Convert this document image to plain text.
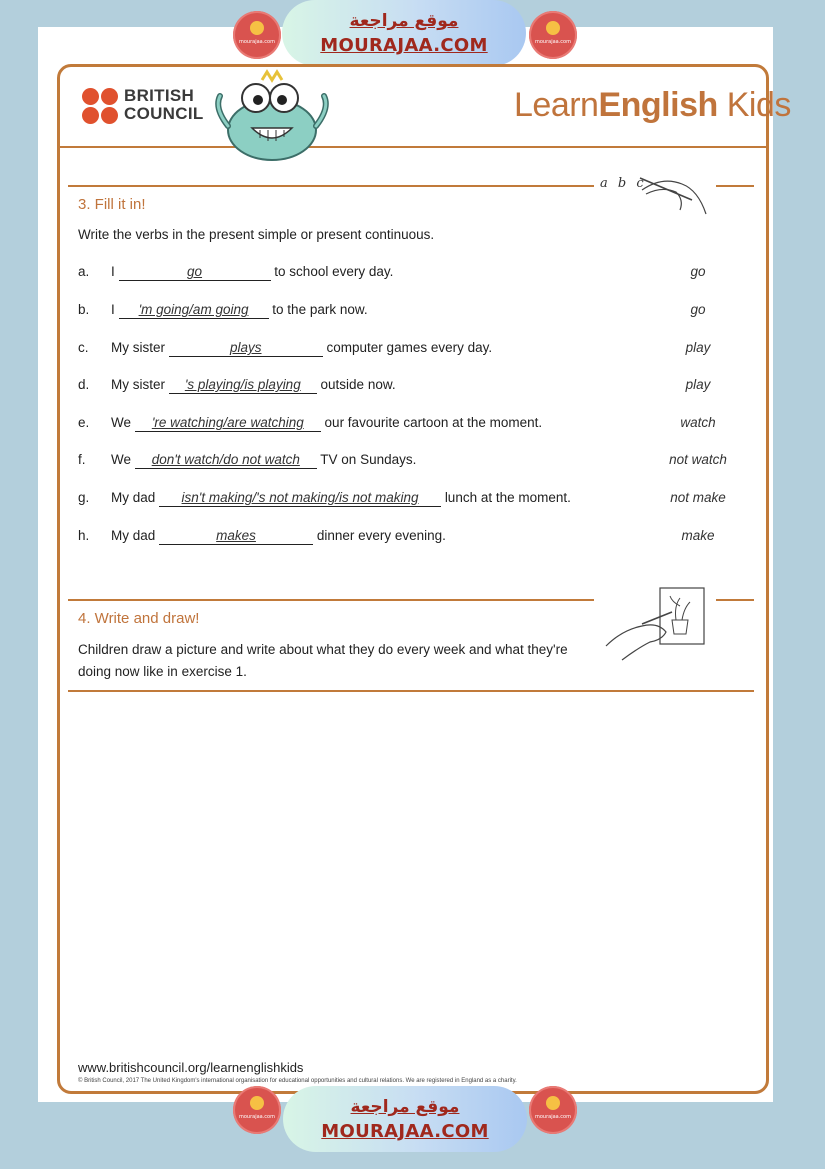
mourajaa.com
موقع مراجعة
MOURAJAA.COM	mourajaa.com
BRITISH
COUNCIL	LearnEnglish Kids
a b c
3. Fill it in!
Write the verbs in the present simple or present continuous.
a. I	go	to school every day.	go
b. I 'm going/am going to the park now.	go
c. My sister	plays	computer games every day.	play
d. My sister 's playing/is playing outside now.	play
e. We 're watching/are watching our favourite cartoon at the moment.	watch
f. We don't watch/do not watch TV on Sundays.	not watch
g. My dad isn't making/'s not making/is not making lunch at the moment.	not make
h. My dad	makes	dinner every evening.	make
4. Write and draw!
Children draw a picture and write about what they do every week and what they're doing now like in exercise 1.
www.britishcouncil.org/learnenglishkids
© British Council, 2017 The United Kingdom's international organisation for educational opportunities and cultural relations. We are registered in England as a charity.
mourajaa.com	موقع مراجعة
MOURAJAA.COM
mourajaa.com
